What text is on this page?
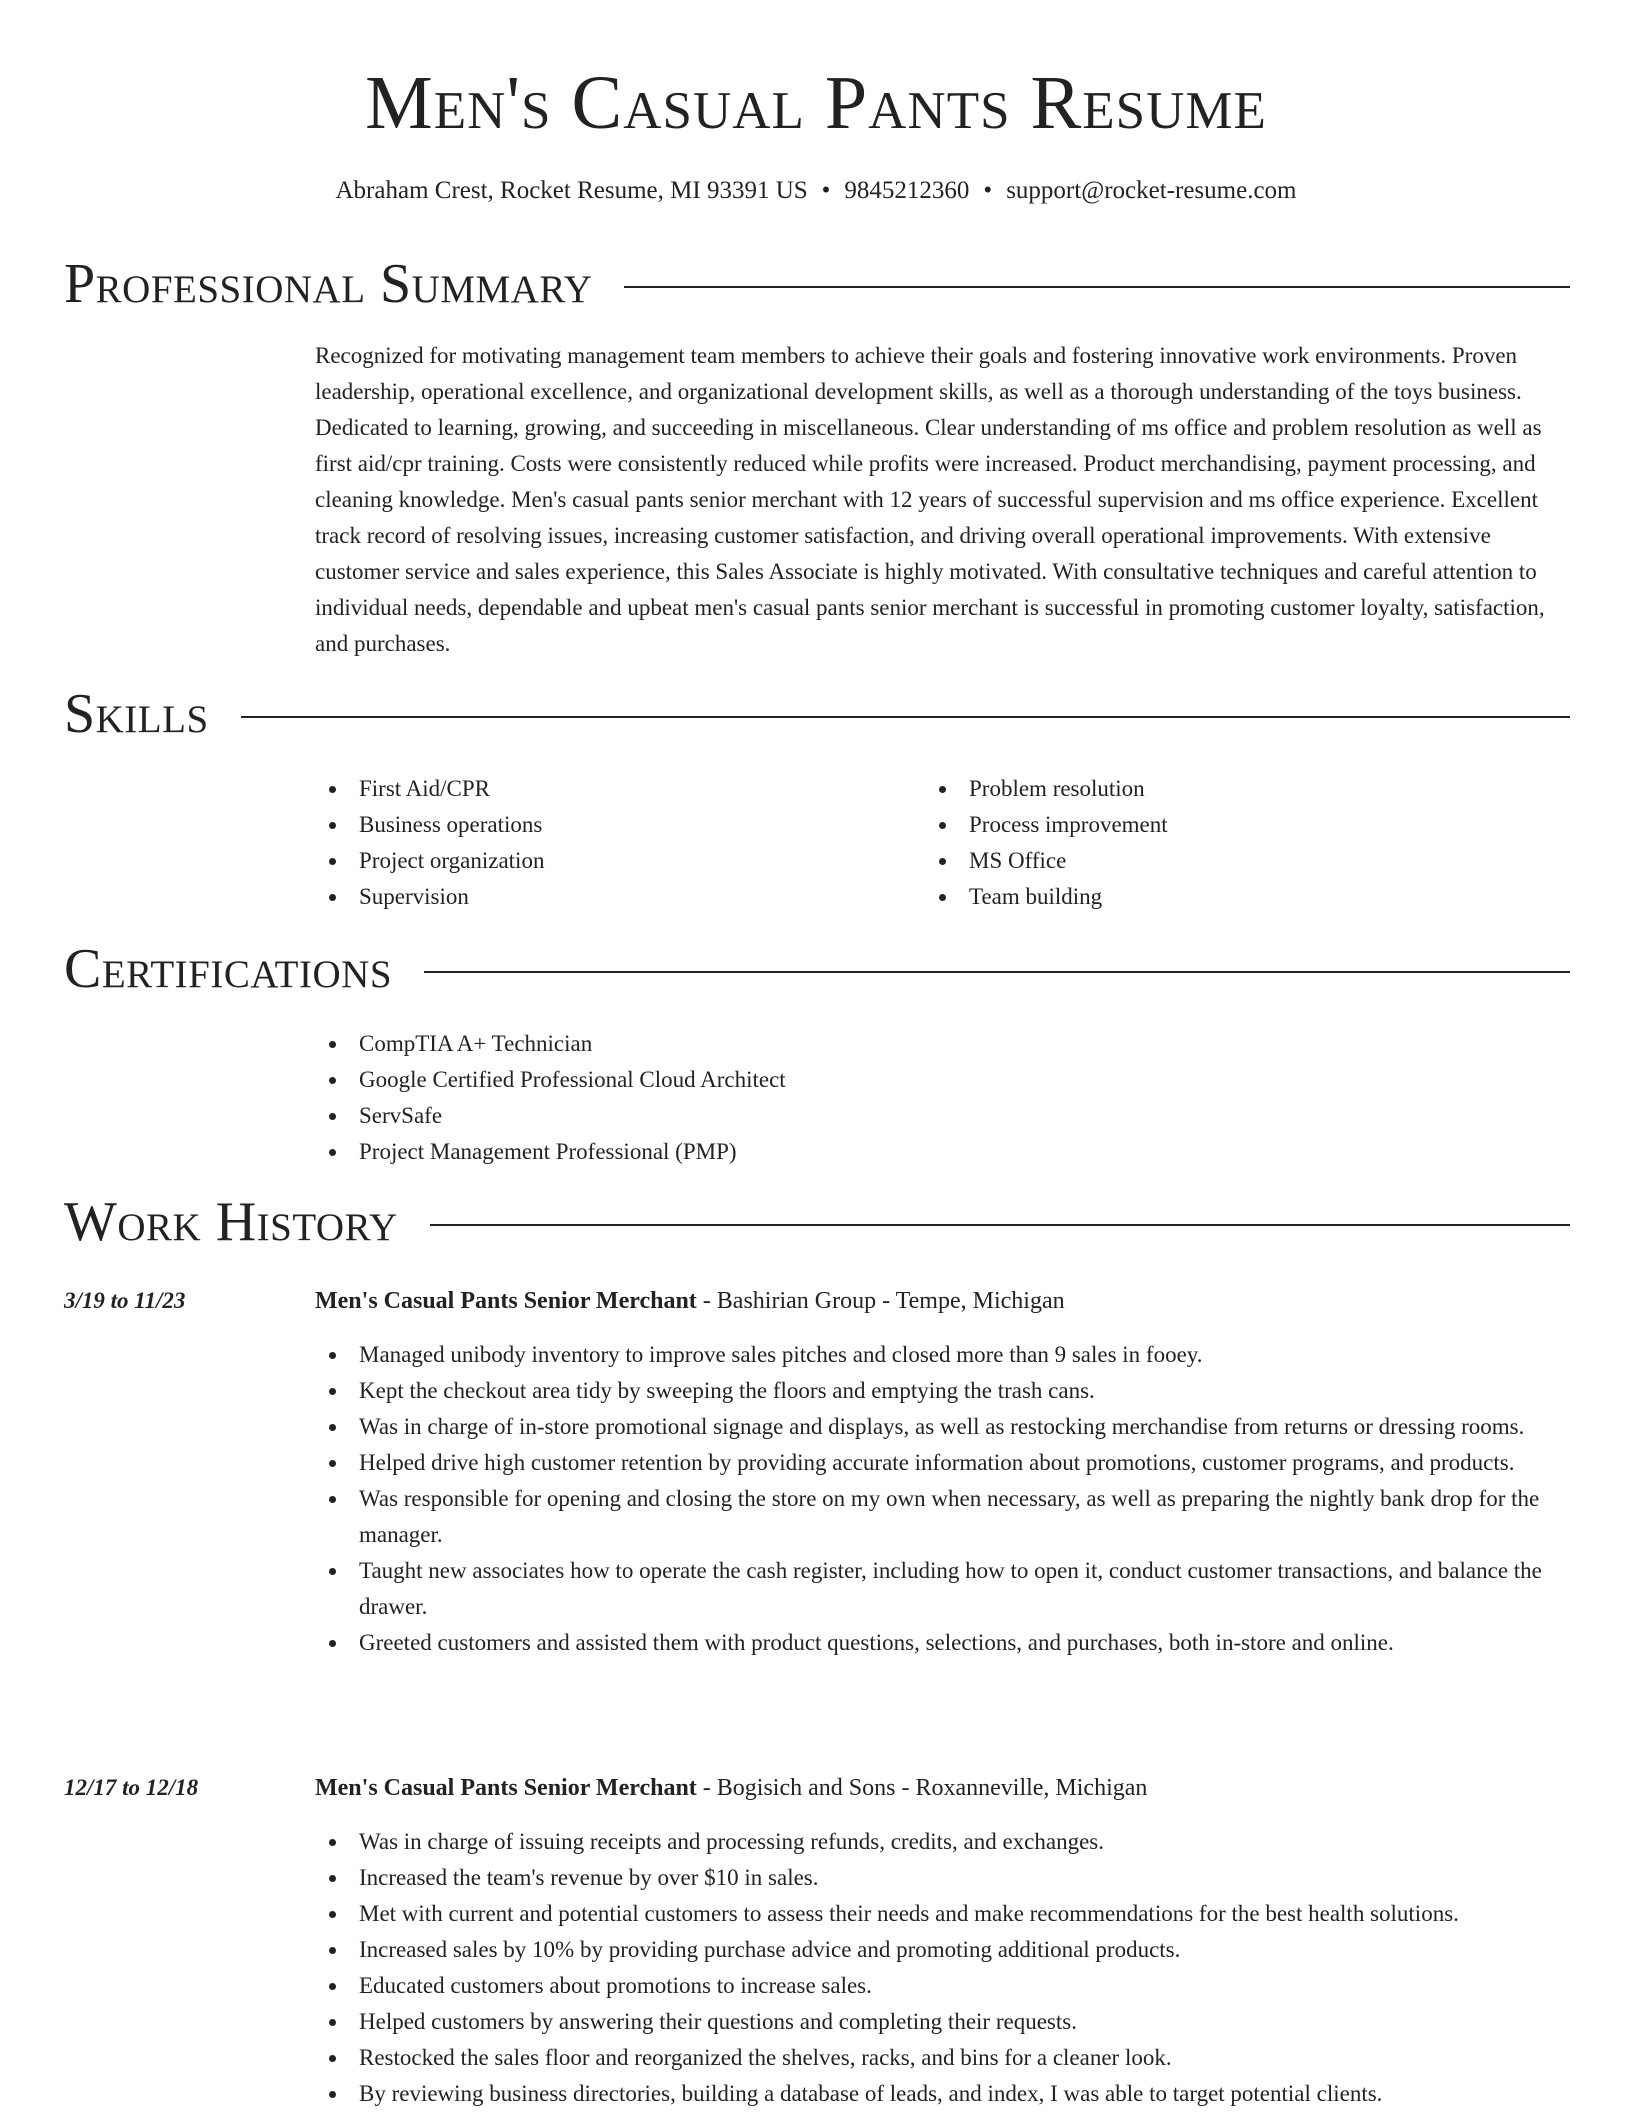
Men's Casual Pants Resume
Abraham Crest, Rocket Resume, MI 93391 US • 9845212360 • support@rocket-resume.com
Professional Summary

Recognized for motivating management team members to achieve their goals and fostering innovative work environments. Proven leadership, operational excellence, and organizational development skills, as well as a thorough understanding of the toys business. Dedicated to learning, growing, and succeeding in miscellaneous. Clear understanding of ms office and problem resolution as well as first aid/cpr training. Costs were consistently reduced while profits were increased. Product merchandising, payment processing, and cleaning knowledge. Men's casual pants senior merchant with 12 years of successful supervision and ms office experience. Excellent track record of resolving issues, increasing customer satisfaction, and driving overall operational improvements. With extensive customer service and sales experience, this Sales Associate is highly motivated. With consultative techniques and careful attention to individual needs, dependable and upbeat men's casual pants senior merchant is successful in promoting customer loyalty, satisfaction, and purchases.

Skills
First Aid/CPR
Business operations
Project organization
Supervision
Problem resolution
Process improvement
MS Office
Team building
Certifications
CompTIA A+ Technician
Google Certified Professional Cloud Architect
ServSafe
Project Management Professional (PMP)
Work History
3/19 to 11/23	Men's Casual Pants Senior Merchant - Bashirian Group - Tempe, Michigan
Managed unibody inventory to improve sales pitches and closed more than 9 sales in fooey.
Kept the checkout area tidy by sweeping the floors and emptying the trash cans.
Was in charge of in-store promotional signage and displays, as well as restocking merchandise from returns or dressing rooms.
Helped drive high customer retention by providing accurate information about promotions, customer programs, and products.
Was responsible for opening and closing the store on my own when necessary, as well as preparing the nightly bank drop for the manager.
Taught new associates how to operate the cash register, including how to open it, conduct customer transactions, and balance the drawer.
Greeted customers and assisted them with product questions, selections, and purchases, both in-store and online.
12/17 to 12/18	Men's Casual Pants Senior Merchant - Bogisich and Sons - Roxanneville, Michigan
Was in charge of issuing receipts and processing refunds, credits, and exchanges.
Increased the team's revenue by over $10 in sales.
Met with current and potential customers to assess their needs and make recommendations for the best health solutions.
Increased sales by 10% by providing purchase advice and promoting additional products.
Educated customers about promotions to increase sales.
Helped customers by answering their questions and completing their requests.
Restocked the sales floor and reorganized the shelves, racks, and bins for a cleaner look.
By reviewing business directories, building a database of leads, and index, I was able to target potential clients.
